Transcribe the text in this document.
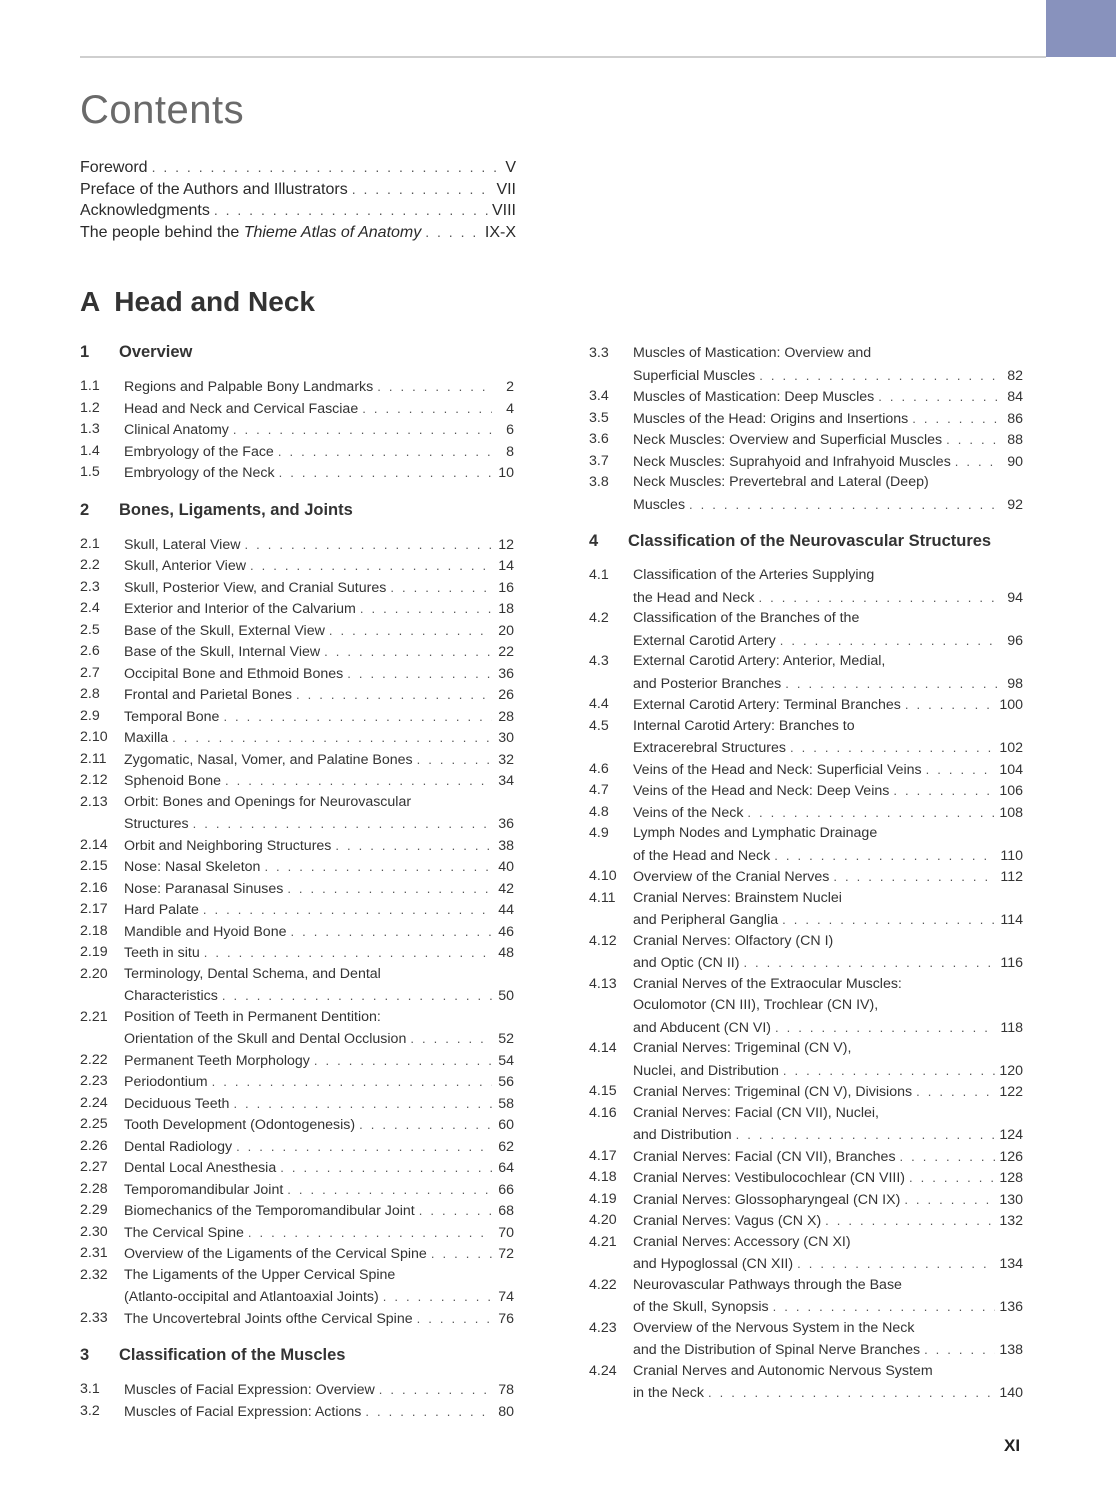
Contents
Foreword . . .	V
Preface of the Authors and Illustrators . . .	VII
Acknowledgments . . .	VIII
The people behind the Thieme Atlas of Anatomy . . .	IX-X
A Head and Neck
1	Overview
1.1	Regions and Palpable Bony Landmarks . . .	2
1.2	Head and Neck and Cervical Fasciae . . .	4
1.3	Clinical Anatomy . . .	6
1.4	Embryology of the Face . . .	8
1.5	Embryology of the Neck . . .	10
2	Bones, Ligaments, and Joints
2.1	Skull, Lateral View . . .	12
2.2	Skull, Anterior View . . .	14
2.3	Skull, Posterior View, and Cranial Sutures . . .	16
2.4	Exterior and Interior of the Calvarium . . .	18
2.5	Base of the Skull, External View . . .	20
2.6	Base of the Skull, Internal View . . .	22
2.7	Occipital Bone and Ethmoid Bones . . .	36
2.8	Frontal and Parietal Bones . . .	26
2.9	Temporal Bone . . .	28
2.10	Maxilla . . .	30
2.11	Zygomatic, Nasal, Vomer, and Palatine Bones . . .	32
2.12	Sphenoid Bone . . .	34
2.13	Orbit: Bones and Openings for Neurovascular
Structures . . .	36
2.14	Orbit and Neighboring Structures . . .	38
2.15	Nose: Nasal Skeleton . . .	40
2.16	Nose: Paranasal Sinuses . . .	42
2.17	Hard Palate . . .	44
2.18	Mandible and Hyoid Bone . . .	46
2.19	Teeth in situ . . .	48
2.20	Terminology, Dental Schema, and Dental
Characteristics . . .	50
2.21	Position of Teeth in Permanent Dentition:
Orientation of the Skull and Dental Occlusion . . .	52
2.22	Permanent Teeth Morphology . . .	54
2.23	Periodontium . . .	56
2.24	Deciduous Teeth . . .	58
2.25	Tooth Development (Odontogenesis) . . .	60
2.26	Dental Radiology . . .	62
2.27	Dental Local Anesthesia . . .	64
2.28	Temporomandibular Joint . . .	66
2.29	Biomechanics of the Temporomandibular Joint . . .	68
2.30	The Cervical Spine . . .	70
2.31	Overview of the Ligaments of the Cervical Spine . . .	72
2.32	The Ligaments of the Upper Cervical Spine
(Atlanto-occipital and Atlantoaxial Joints) . . .	74
2.33	The Uncovertebral Joints ofthe Cervical Spine . . .	76
3	Classification of the Muscles
3.1	Muscles of Facial Expression: Overview . . .	78
3.2	Muscles of Facial Expression: Actions . . .	80
3.3	Muscles of Mastication: Overview and
Superficial Muscles . . .	82
3.4	Muscles of Mastication: Deep Muscles . . .	84
3.5	Muscles of the Head: Origins and Insertions . . .	86
3.6	Neck Muscles: Overview and Superficial Muscles . . .	88
3.7	Neck Muscles: Suprahyoid and Infrahyoid Muscles . . .	90
3.8	Neck Muscles: Prevertebral and Lateral (Deep)
Muscles . . .	92
4	Classification of the Neurovascular Structures
4.1	Classification of the Arteries Supplying
the Head and Neck . . .	94
4.2	Classification of the Branches of the
External Carotid Artery . . .	96
4.3	External Carotid Artery: Anterior, Medial,
and Posterior Branches . . .	98
4.4	External Carotid Artery: Terminal Branches . . .	100
4.5	Internal Carotid Artery: Branches to
Extracerebral Structures . . .	102
4.6	Veins of the Head and Neck: Superficial Veins . . .	104
4.7	Veins of the Head and Neck: Deep Veins . . .	106
4.8	Veins of the Neck . . .	108
4.9	Lymph Nodes and Lymphatic Drainage
of the Head and Neck . . .	110
4.10	Overview of the Cranial Nerves . . .	112
4.11	Cranial Nerves: Brainstem Nuclei
and Peripheral Ganglia . . .	114
4.12	Cranial Nerves: Olfactory (CN I)
and Optic (CN II) . . .	116
4.13	Cranial Nerves of the Extraocular Muscles:
Oculomotor (CN III), Trochlear (CN IV),
and Abducent (CN VI) . . .	118
4.14	Cranial Nerves: Trigeminal (CN V),
Nuclei, and Distribution . . .	120
4.15	Cranial Nerves: Trigeminal (CN V), Divisions . . .	122
4.16	Cranial Nerves: Facial (CN VII), Nuclei,
and Distribution . . .	124
4.17	Cranial Nerves: Facial (CN VII), Branches . . .	126
4.18	Cranial Nerves: Vestibulocochlear (CN VIII) . . .	128
4.19	Cranial Nerves: Glossopharyngeal (CN IX) . . .	130
4.20	Cranial Nerves: Vagus (CN X) . . .	132
4.21	Cranial Nerves: Accessory (CN XI)
and Hypoglossal (CN XII) . . .	134
4.22	Neurovascular Pathways through the Base
of the Skull, Synopsis . . .	136
4.23	Overview of the Nervous System in the Neck
and the Distribution of Spinal Nerve Branches . . .	138
4.24	Cranial Nerves and Autonomic Nervous System
in the Neck . . .	140
XI
